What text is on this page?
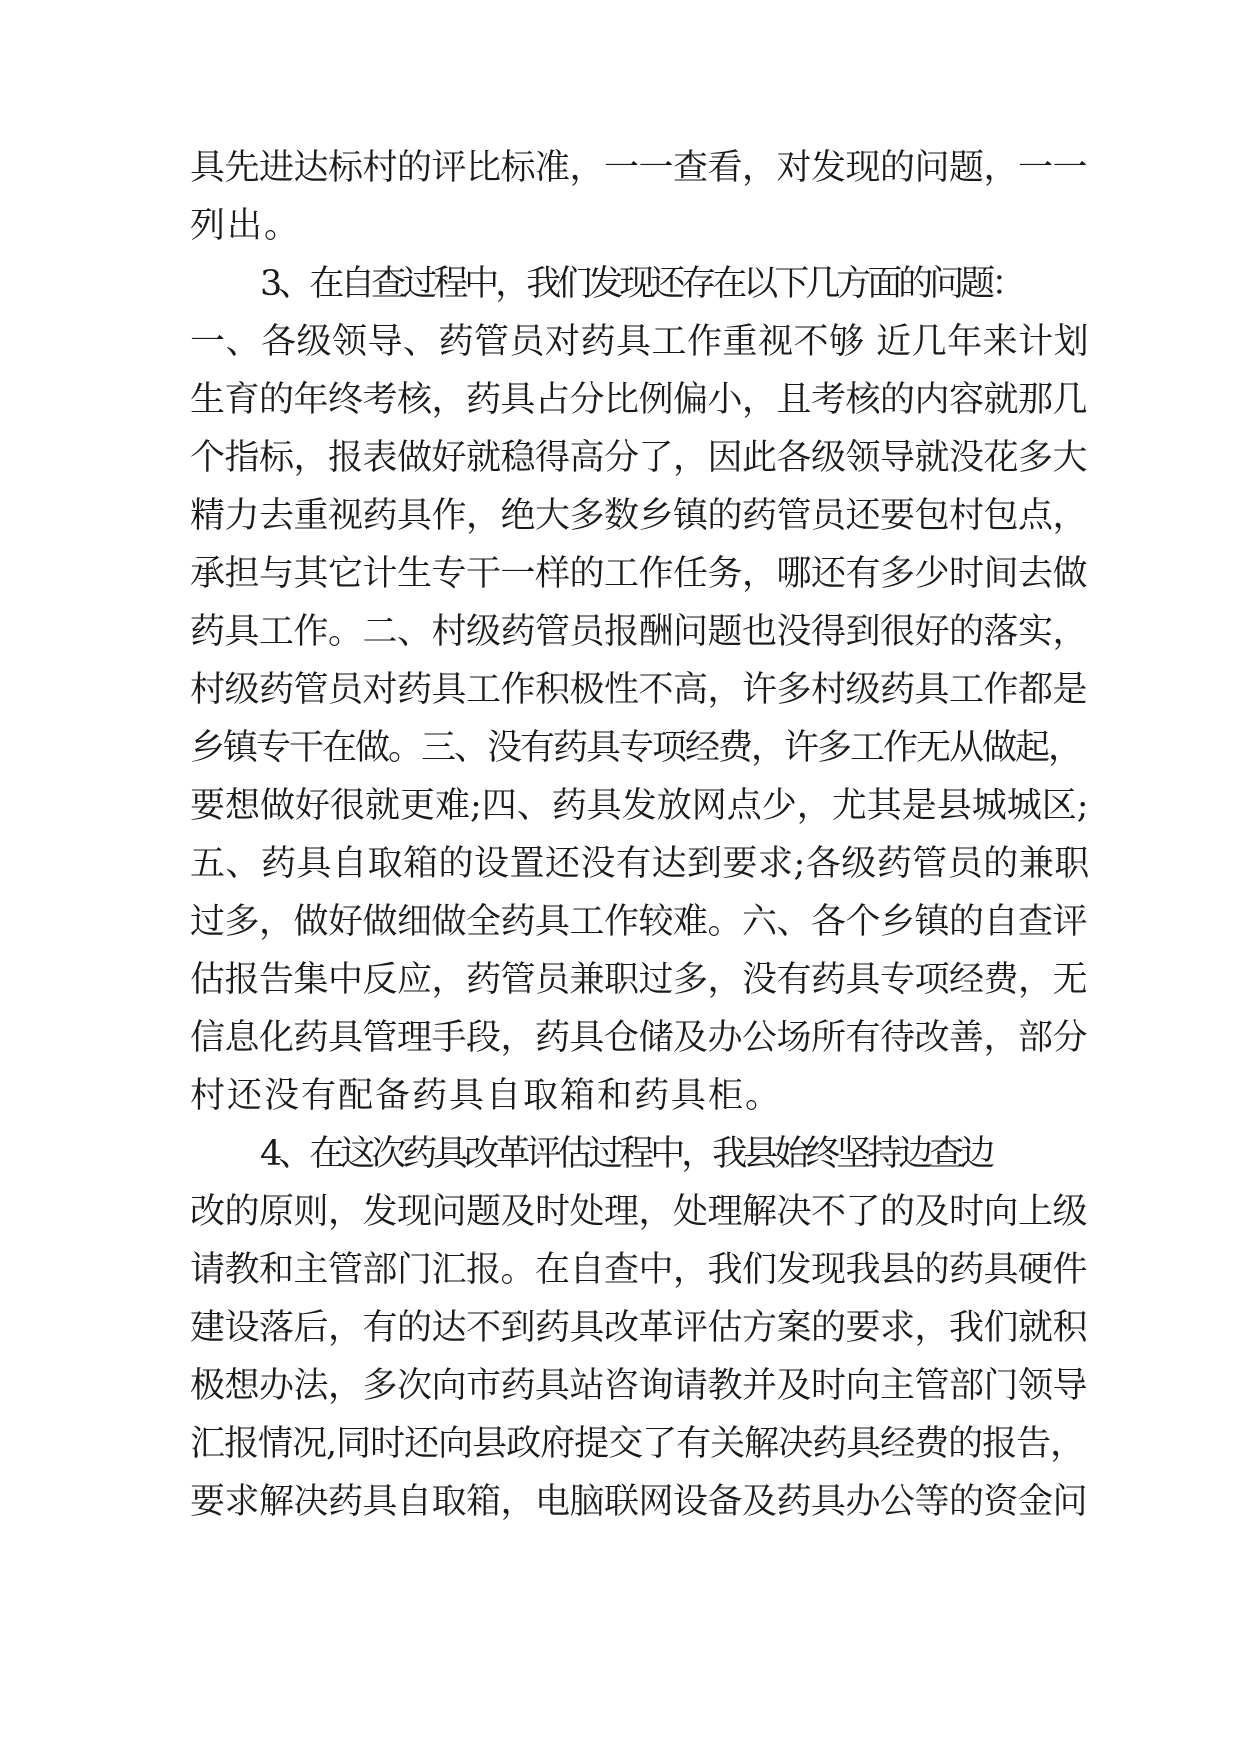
具先进达标村的评比标准，一一查看，对发现的问题，一一
列出。
3、在自查过程中，我们发现还存在以下几方面的问题：
一、各级领导、药管员对药具工作重视不够 近几年来计划
生育的年终考核，药具占分比例偏小，且考核的内容就那几
个指标，报表做好就稳得高分了，因此各级领导就没花多大
精力去重视药具作，绝大多数乡镇的药管员还要包村包点，
承担与其它计生专干一样的工作任务，哪还有多少时间去做
药具工作。二、村级药管员报酬问题也没得到很好的落实，
村级药管员对药具工作积极性不高，许多村级药具工作都是
乡镇专干在做。三、没有药具专项经费，许多工作无从做起，
要想做好很就更难;四、药具发放网点少，尤其是县城城区;
五、药具自取箱的设置还没有达到要求;各级药管员的兼职
过多，做好做细做全药具工作较难。六、各个乡镇的自查评
估报告集中反应，药管员兼职过多，没有药具专项经费，无
信息化药具管理手段，药具仓储及办公场所有待改善，部分
村还没有配备药具自取箱和药具柜。
4、在这次药具改革评估过程中，我县始终坚持边查边
改的原则，发现问题及时处理，处理解决不了的及时向上级
请教和主管部门汇报。在自查中，我们发现我县的药具硬件
建设落后，有的达不到药具改革评估方案的要求，我们就积
极想办法，多次向市药具站咨询请教并及时向主管部门领导
汇报情况,同时还向县政府提交了有关解决药具经费的报告，
要求解决药具自取箱，电脑联网设备及药具办公等的资金问
